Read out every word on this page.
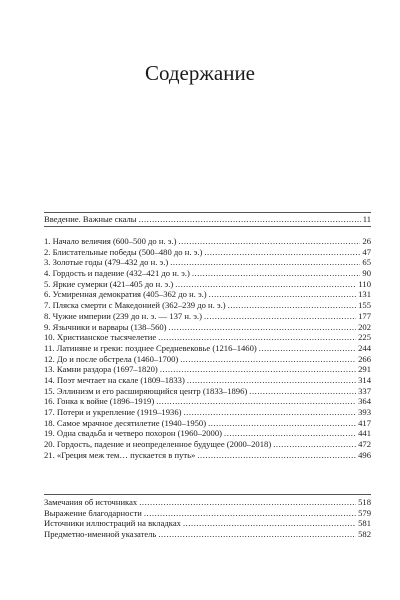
Содержание
Введение. Важные скалы . . .	11
1. Начало величия (600–500 до н. э.) . . .	26
2. Блистательные победы (500–480 до н. э.) . . .	47
3. Золотые годы (479–432 до н. э.) . . .	65
4. Гордость и падение (432–421 до н. э.) . . .	90
5. Яркие сумерки (421–405 до н. э.) . . .	110
6. Усмиренная демократия (405–362 до н. э.) . . .	131
7. Пляска смерти с Македонией (362–239 до н. э.) . . .	155
8. Чужие империи (239 до н. э. — 137 н. э.) . . .	177
9. Язычники и варвары (138–560) . . .	202
10. Христианское тысячелетие . . .	225
11. Латиняне и греки: позднее Средневековье (1216–1460) . . .	244
12. До и после обстрела (1460–1700) . . .	266
13. Камни раздора (1697–1820) . . .	291
14. Поэт мечтает на скале (1809–1833) . . .	314
15. Эллинизм и его расширяющийся центр (1833–1896) . . .	337
16. Гонка к войне (1896–1919) . . .	364
17. Потери и укрепление (1919–1936) . . .	393
18. Самое мрачное десятилетие (1940–1950) . . .	417
19. Одна свадьба и четверо похорон (1960–2000) . . .	441
20. Гордость, падение и неопределенное будущее (2000–2018) . . .	472
21. «Греция меж тем… пускается в путь» . . .	496
Замечания об источниках . . .	518
Выражение благодарности . . .	579
Источники иллюстраций на вкладках . . .	581
Предметно-именной указатель . . .	582
